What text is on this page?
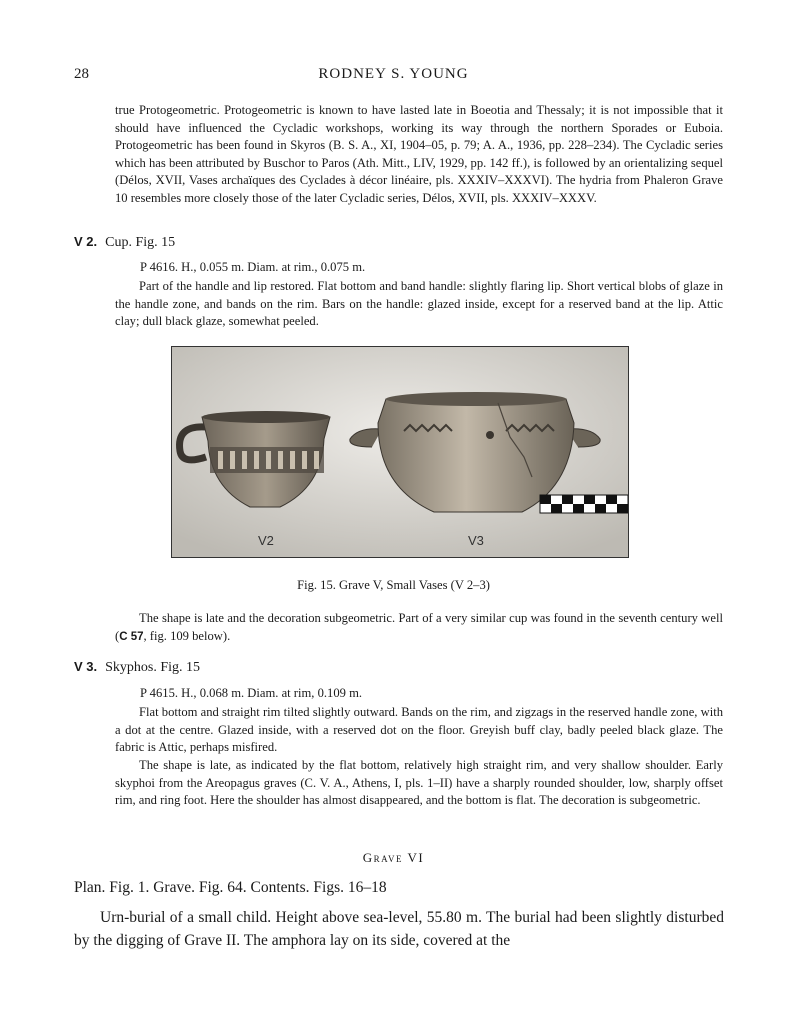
28	RODNEY S. YOUNG

true Protogeometric. Protogeometric is known to have lasted late in Boeotia and Thessaly; it is not impossible that it should have influenced the Cycladic workshops, working its way through the northern Sporades or Euboia. Protogeometric has been found in Skyros (B. S. A., XI, 1904–05, p. 79; A. A., 1936, pp. 228–234). The Cycladic series which has been attributed by Buschor to Paros (Ath. Mitt., LIV, 1929, pp. 142 ff.), is followed by an orientalizing sequel (Délos, XVII, Vases archaïques des Cyclades à décor linéaire, pls. XXXIV–XXXVI). The hydria from Phaleron Grave 10 resembles more closely those of the later Cycladic series, Délos, XVII, pls. XXXIV–XXXV.

V 2. Cup. Fig. 15
P 4616. H., 0.055 m. Diam. at rim., 0.075 m.

Part of the handle and lip restored. Flat bottom and band handle: slightly flaring lip. Short vertical blobs of glaze in the handle zone, and bands on the rim. Bars on the handle: glazed inside, except for a reserved band at the lip. Attic clay; dull black glaze, somewhat peeled.

V2	V3
Fig. 15. Grave V, Small Vases (V 2–3)

The shape is late and the decoration subgeometric. Part of a very similar cup was found in the seventh century well (C 57, fig. 109 below).

V 3. Skyphos. Fig. 15
P 4615. H., 0.068 m. Diam. at rim, 0.109 m.

Flat bottom and straight rim tilted slightly outward. Bands on the rim, and zigzags in the reserved handle zone, with a dot at the centre. Glazed inside, with a reserved dot on the floor. Greyish buff clay, badly peeled black glaze. The fabric is Attic, perhaps misfired.

The shape is late, as indicated by the flat bottom, relatively high straight rim, and very shallow shoulder. Early skyphoi from the Areopagus graves (C. V. A., Athens, I, pls. 1–II) have a sharply rounded shoulder, low, sharply offset rim, and ring foot. Here the shoulder has almost disappeared, and the bottom is flat. The decoration is subgeometric.

Grave VI
Plan. Fig. 1. Grave. Fig. 64. Contents. Figs. 16–18

Urn-burial of a small child. Height above sea-level, 55.80 m. The burial had been slightly disturbed by the digging of Grave II. The amphora lay on its side, covered at the
